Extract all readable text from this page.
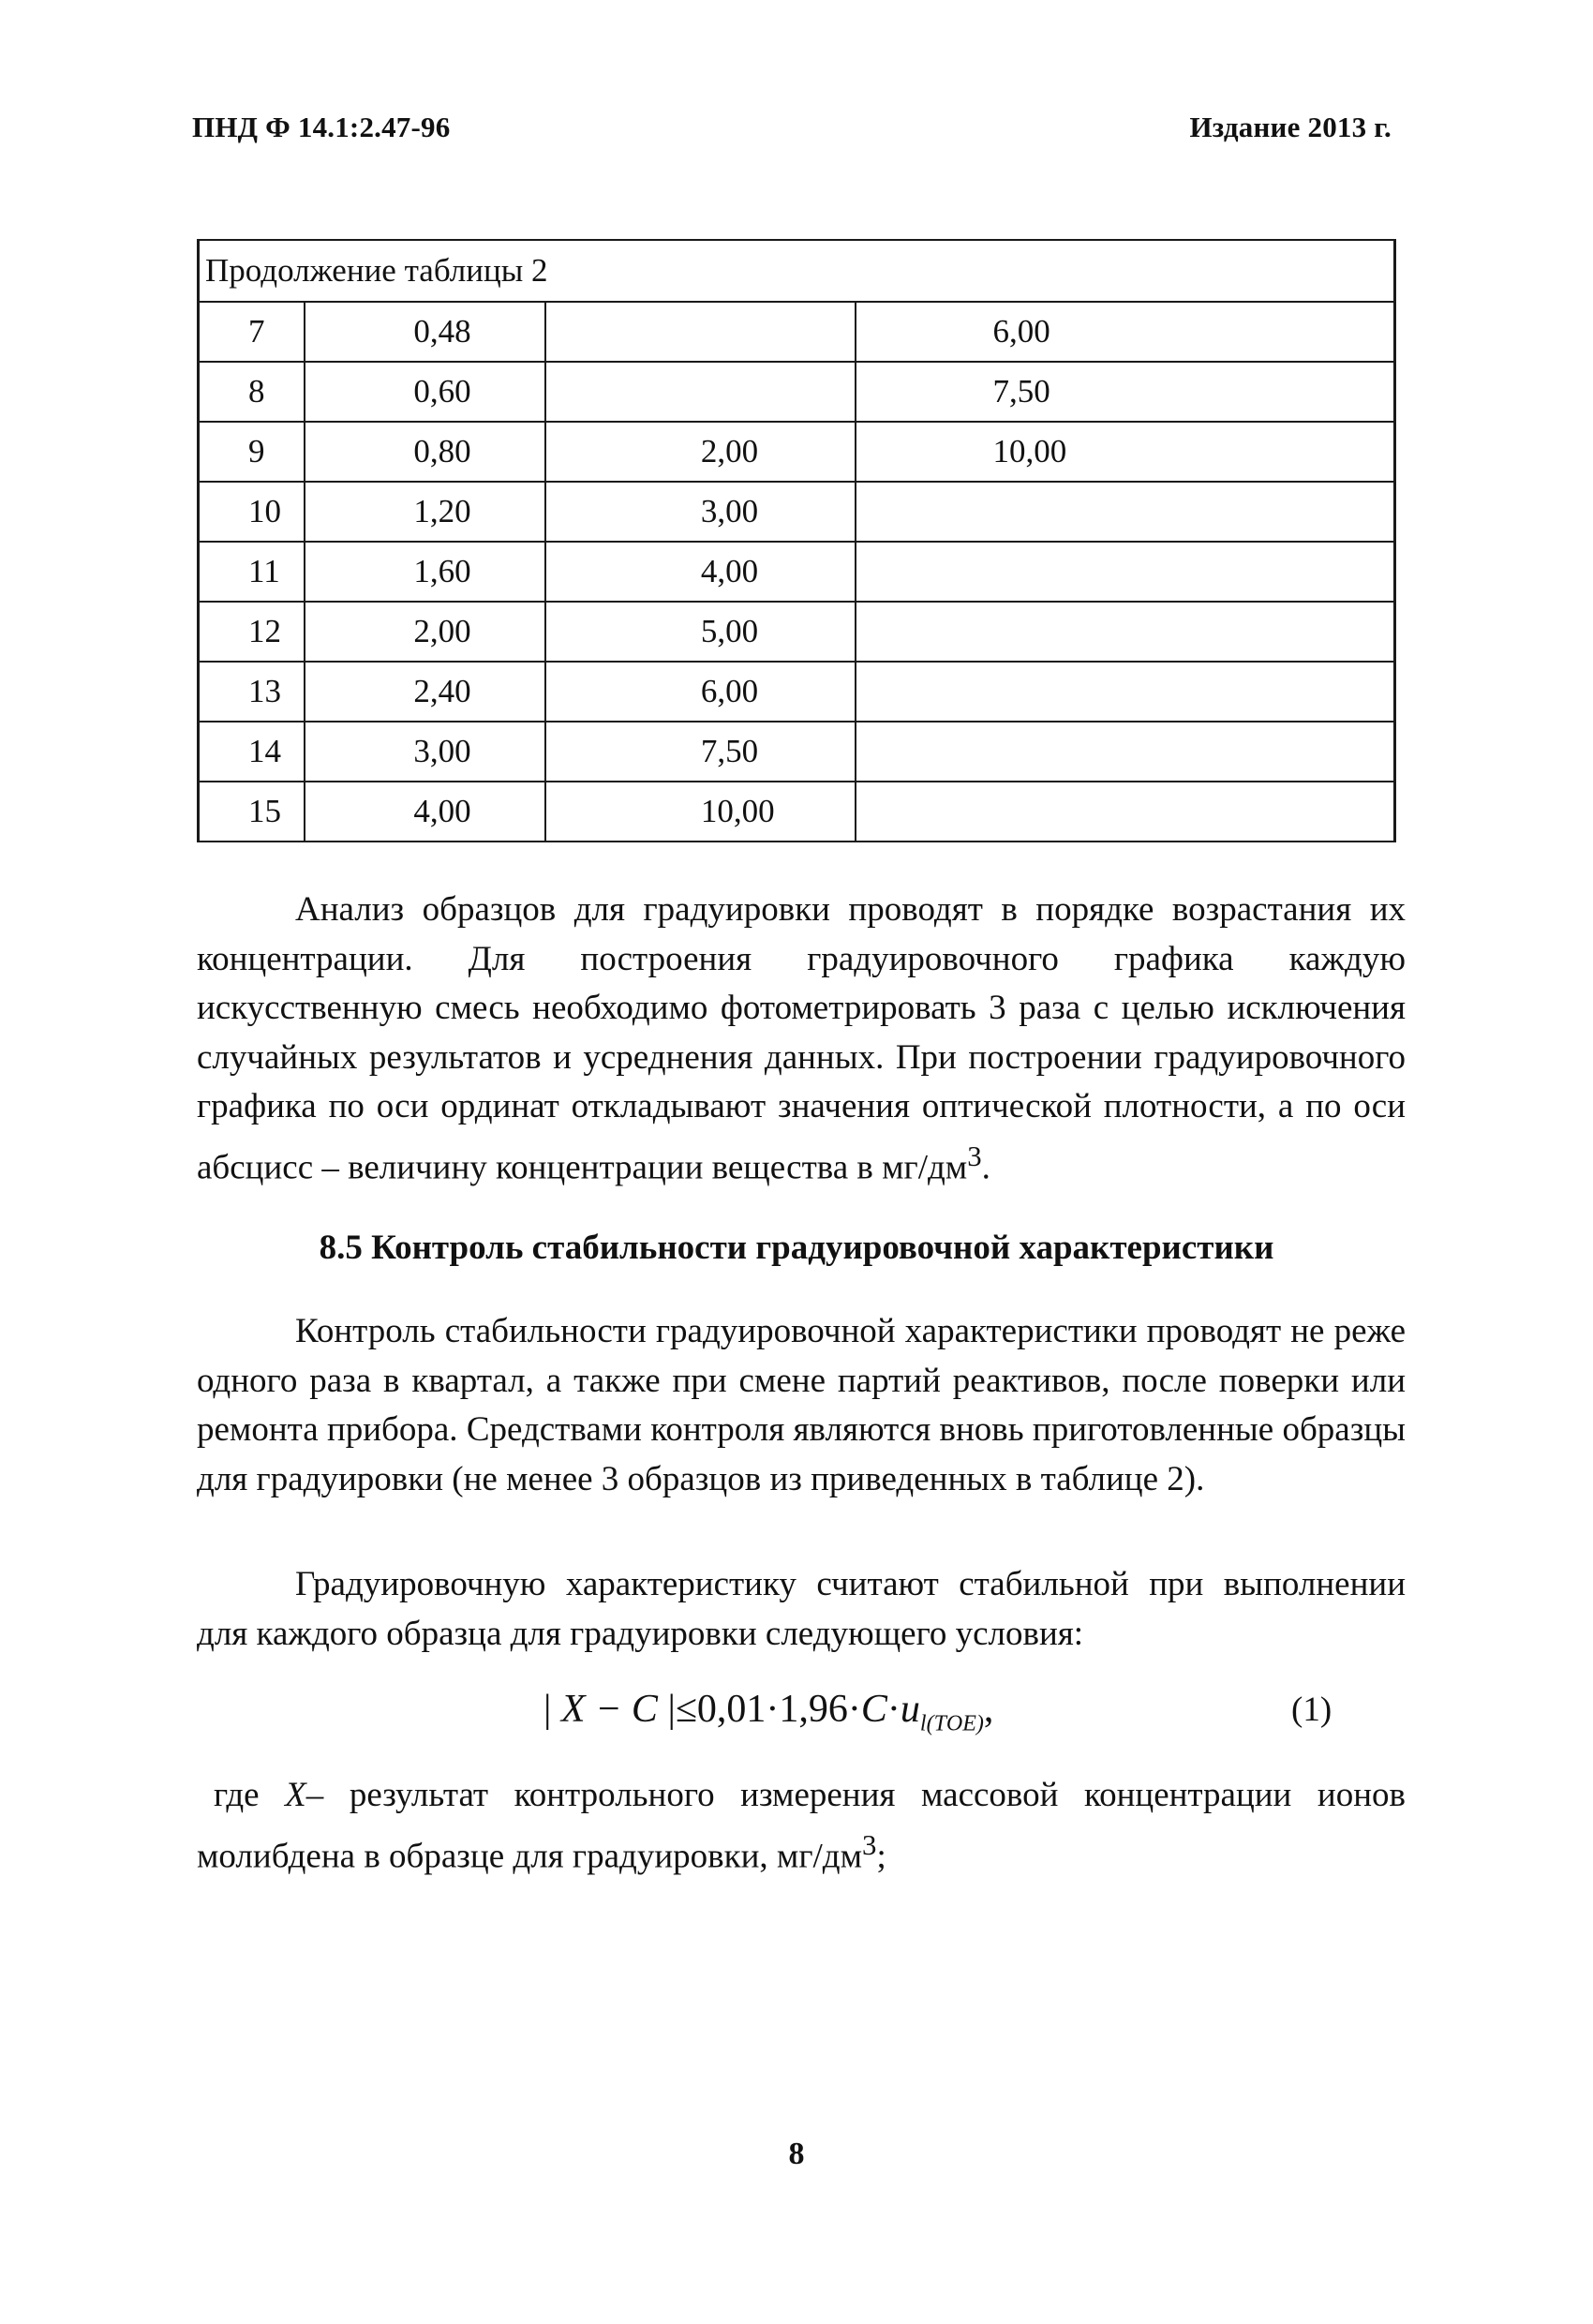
ПНД Ф 14.1:2.47-96	Издание 2013 г.
Продолжение таблицы 2			
7	0,48		6,00
8	0,60		7,50
9	0,80	2,00	10,00
10	1,20	3,00	
11	1,60	4,00	
12	2,00	5,00	
13	2,40	6,00	
14	3,00	7,50	
15	4,00	10,00	
Анализ образцов для градуировки проводят в порядке возрастания их концентрации. Для построения градуировочного графика каждую искусственную смесь необходимо фотометрировать 3 раза с целью исключения случайных результатов и усреднения данных. При построении градуировочного графика по оси ординат откладывают значения оптической плотности, а по оси абсцисс – величину концентрации вещества в $мг/дм^3$.
8.5 Контроль стабильности градуировочной характеристики
Контроль стабильности градуировочной характеристики проводят не реже одного раза в квартал, а также при смене партий реактивов, после поверки или ремонта прибора. Средствами контроля являются вновь приготовленные образцы для градуировки (не менее 3 образцов из приведенных в таблице 2).
Градуировочную характеристику считают стабильной при выполнении для каждого образца для градуировки следующего условия:
| X − C $|\le 0,01\cdot 1,96\cdot C\cdot u_{l(ТОЕ)}$,	(1)
где X– результат контрольного измерения массовой концентрации ионов молибдена в образце для градуировки, $мг/дм^3$;
8
